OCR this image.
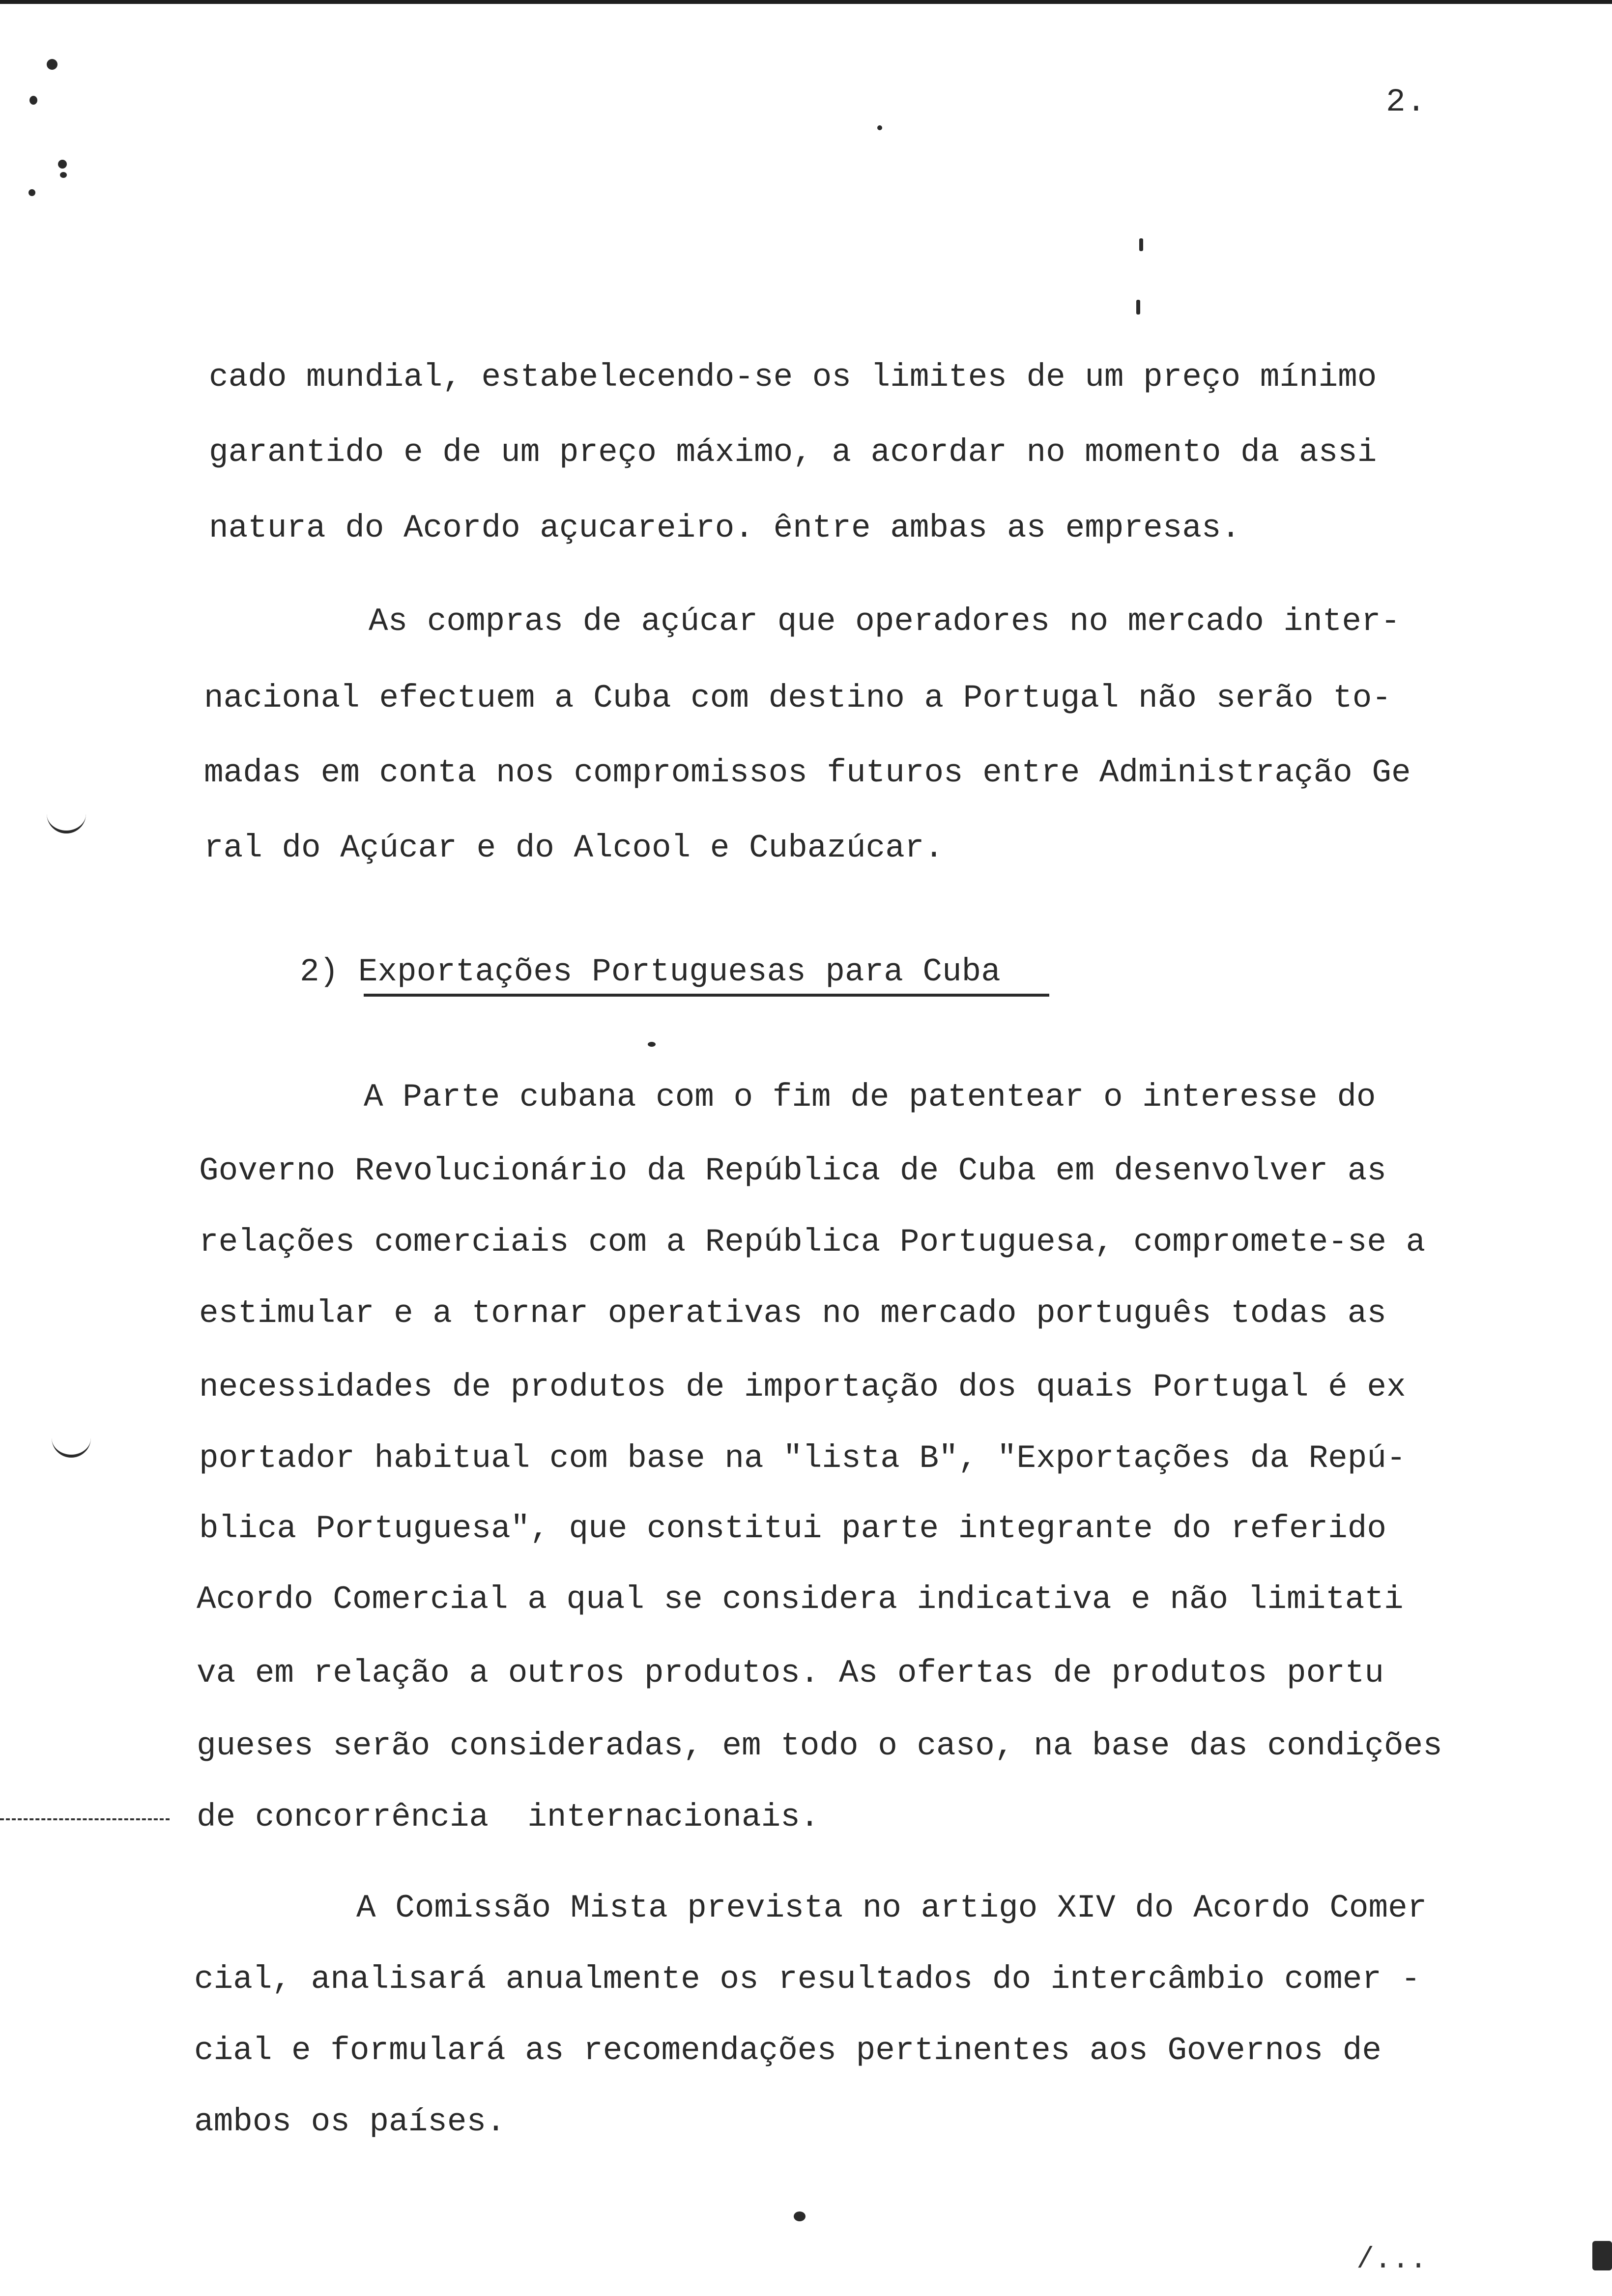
2.
cado mundial, estabelecendo-se os limites de um preço mínimo
garantido e de um preço máximo, a acordar no momento da assi
natura do Acordo açucareiro. êntre ambas as empresas.
As compras de açúcar que operadores no mercado inter-
nacional efectuem a Cuba com destino a Portugal não serão to-
madas em conta nos compromissos futuros entre Administração Ge
ral do Açúcar e do Alcool e Cubazúcar.
2) Exportações Portuguesas para Cuba
A Parte cubana com o fim de patentear o interesse do
Governo Revolucionário da República de Cuba em desenvolver as
relações comerciais com a República Portuguesa, compromete-se a
estimular e a tornar operativas no mercado português todas as
necessidades de produtos de importação dos quais Portugal é ex
portador habitual com base na "lista B", "Exportações da Repú-
blica Portuguesa", que constitui parte integrante do referido
Acordo Comercial a qual se considera indicativa e não limitati
va em relação a outros produtos. As ofertas de produtos portu
gueses serão consideradas, em todo o caso, na base das condições
de concorrência  internacionais.
A Comissão Mista prevista no artigo XIV do Acordo Comer
cial, analisará anualmente os resultados do intercâmbio comer -
cial e formulará as recomendações pertinentes aos Governos de
ambos os países.
/...
